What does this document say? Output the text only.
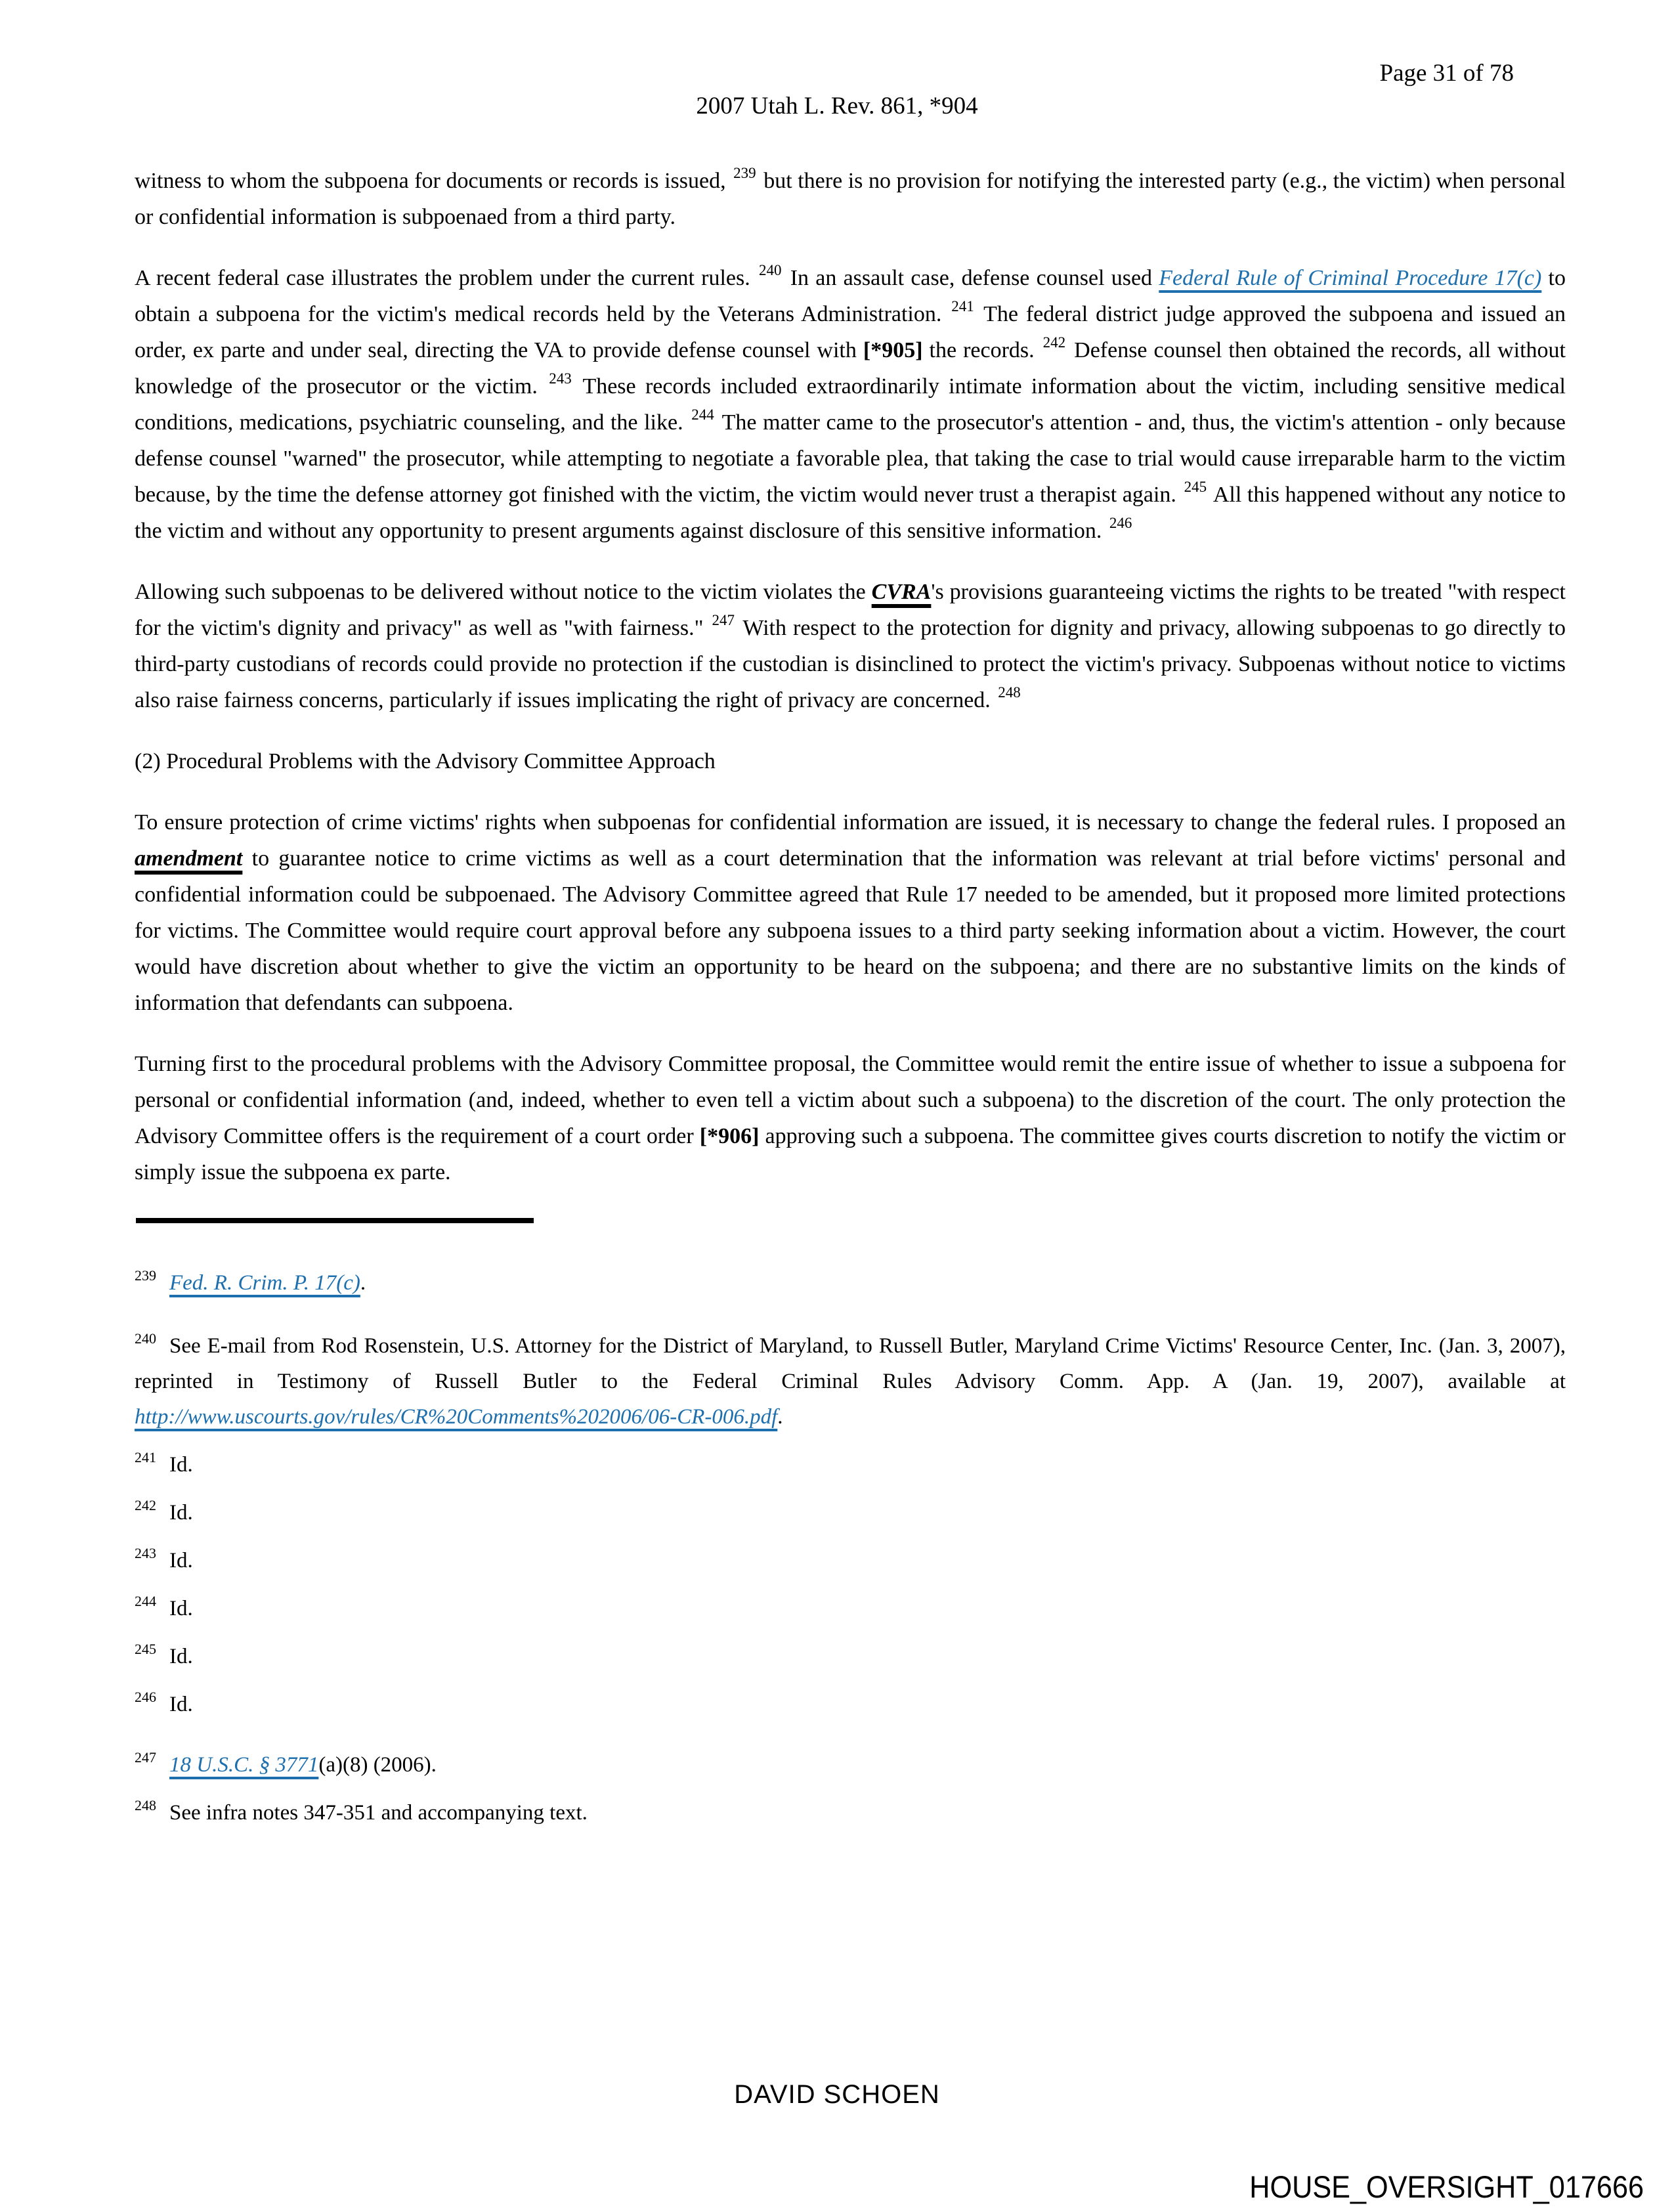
Page 31 of 78
2007 Utah L. Rev. 861, *904

witness to whom the subpoena for documents or records is issued, $^{239}$ but there is no provision for notifying the interested party (e.g., the victim) when personal or confidential information is subpoenaed from a third party.

A recent federal case illustrates the problem under the current rules. $^{240}$ In an assault case, defense counsel used Federal Rule of Criminal Procedure 17(c) to obtain a subpoena for the victim's medical records held by the Veterans Administration. $^{241}$ The federal district judge approved the subpoena and issued an order, ex parte and under seal, directing the VA to provide defense counsel with [*905] the records. $^{242}$ Defense counsel then obtained the records, all without knowledge of the prosecutor or the victim. $^{243}$ These records included extraordinarily intimate information about the victim, including sensitive medical conditions, medications, psychiatric counseling, and the like. $^{244}$ The matter came to the prosecutor's attention - and, thus, the victim's attention - only because defense counsel "warned" the prosecutor, while attempting to negotiate a favorable plea, that taking the case to trial would cause irreparable harm to the victim because, by the time the defense attorney got finished with the victim, the victim would never trust a therapist again. $^{245}$ All this happened without any notice to the victim and without any opportunity to present arguments against disclosure of this sensitive information. $^{246}$

Allowing such subpoenas to be delivered without notice to the victim violates the CVRA's provisions guaranteeing victims the rights to be treated "with respect for the victim's dignity and privacy" as well as "with fairness." $^{247}$ With respect to the protection for dignity and privacy, allowing subpoenas to go directly to third-party custodians of records could provide no protection if the custodian is disinclined to protect the victim's privacy. Subpoenas without notice to victims also raise fairness concerns, particularly if issues implicating the right of privacy are concerned. $^{248}$

(2) Procedural Problems with the Advisory Committee Approach

To ensure protection of crime victims' rights when subpoenas for confidential information are issued, it is necessary to change the federal rules. I proposed an amendment to guarantee notice to crime victims as well as a court determination that the information was relevant at trial before victims' personal and confidential information could be subpoenaed. The Advisory Committee agreed that Rule 17 needed to be amended, but it proposed more limited protections for victims. The Committee would require court approval before any subpoena issues to a third party seeking information about a victim. However, the court would have discretion about whether to give the victim an opportunity to be heard on the subpoena; and there are no substantive limits on the kinds of information that defendants can subpoena.

Turning first to the procedural problems with the Advisory Committee proposal, the Committee would remit the entire issue of whether to issue a subpoena for personal or confidential information (and, indeed, whether to even tell a victim about such a subpoena) to the discretion of the court. The only protection the Advisory Committee offers is the requirement of a court order [*906] approving such a subpoena. The committee gives courts discretion to notify the victim or simply issue the subpoena ex parte.

$^{239}$ Fed. R. Crim. P. 17(c).
$^{240}$ See E-mail from Rod Rosenstein, U.S. Attorney for the District of Maryland, to Russell Butler, Maryland Crime Victims' Resource Center, Inc. (Jan. 3, 2007), reprinted in Testimony of Russell Butler to the Federal Criminal Rules Advisory Comm. App. A (Jan. 19, 2007), available at http://www.uscourts.gov/rules/CR%20Comments%202006/06-CR-006.pdf.
$^{241}$ Id.
$^{242}$ Id.
$^{243}$ Id.
$^{244}$ Id.
$^{245}$ Id.
$^{246}$ Id.
$^{247}$ 18 U.S.C. § 3771(a)(8) (2006).
$^{248}$ See infra notes 347-351 and accompanying text.
DAVID SCHOEN
HOUSE_OVERSIGHT_017666
